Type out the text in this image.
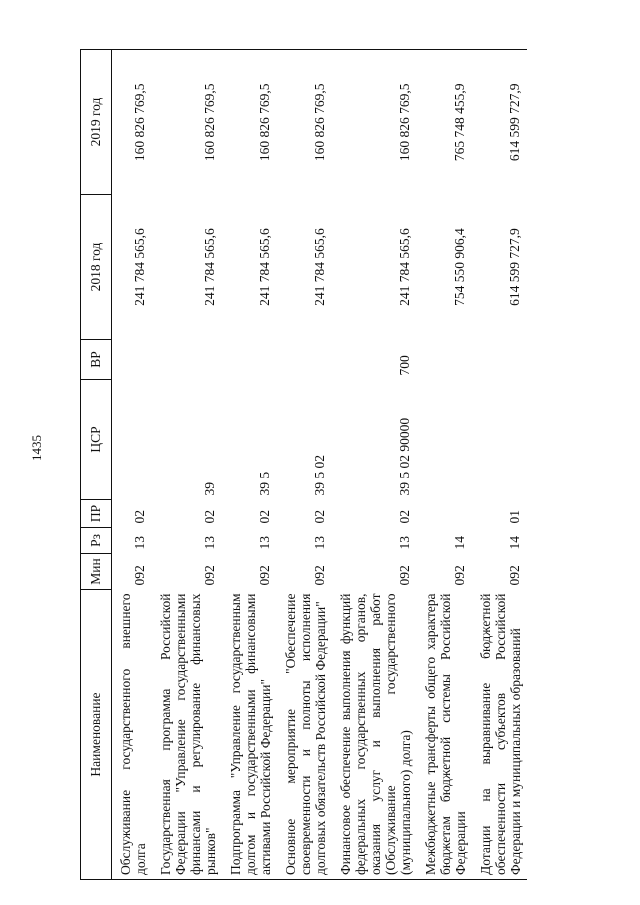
1435
Наименование	Мин	Рз	ПР	ЦСР	ВР	2018 год	2019 год
Обслуживание государственного внешнего долга	092	13	02			241 784 565,6	160 826 769,5
Государственная программа Российской Федерации "Управление государственными финансами и регулирование финансовых рынков"	092	13	02	39		241 784 565,6	160 826 769,5
Подпрограмма "Управление государственным долгом и государственными финансовыми активами Российской Федерации"	092	13	02	39 5		241 784 565,6	160 826 769,5
Основное мероприятие "Обеспечение своевременности и полноты исполнения долговых обязательств Российской Федерации"	092	13	02	39 5 02		241 784 565,6	160 826 769,5
Финансовое обеспечение выполнения функций федеральных государственных органов, оказания услуг и выполнения работ (Обслуживание государственного (муниципального) долга)	092	13	02	39 5 02 90000	700	241 784 565,6	160 826 769,5
Межбюджетные трансферты общего характера бюджетам бюджетной системы Российской Федерации	092	14				754 550 906,4	765 748 455,9
Дотации на выравнивание бюджетной обеспеченности субъектов Российской Федерации и муниципальных образований	092	14	01			614 599 727,9	614 599 727,9
